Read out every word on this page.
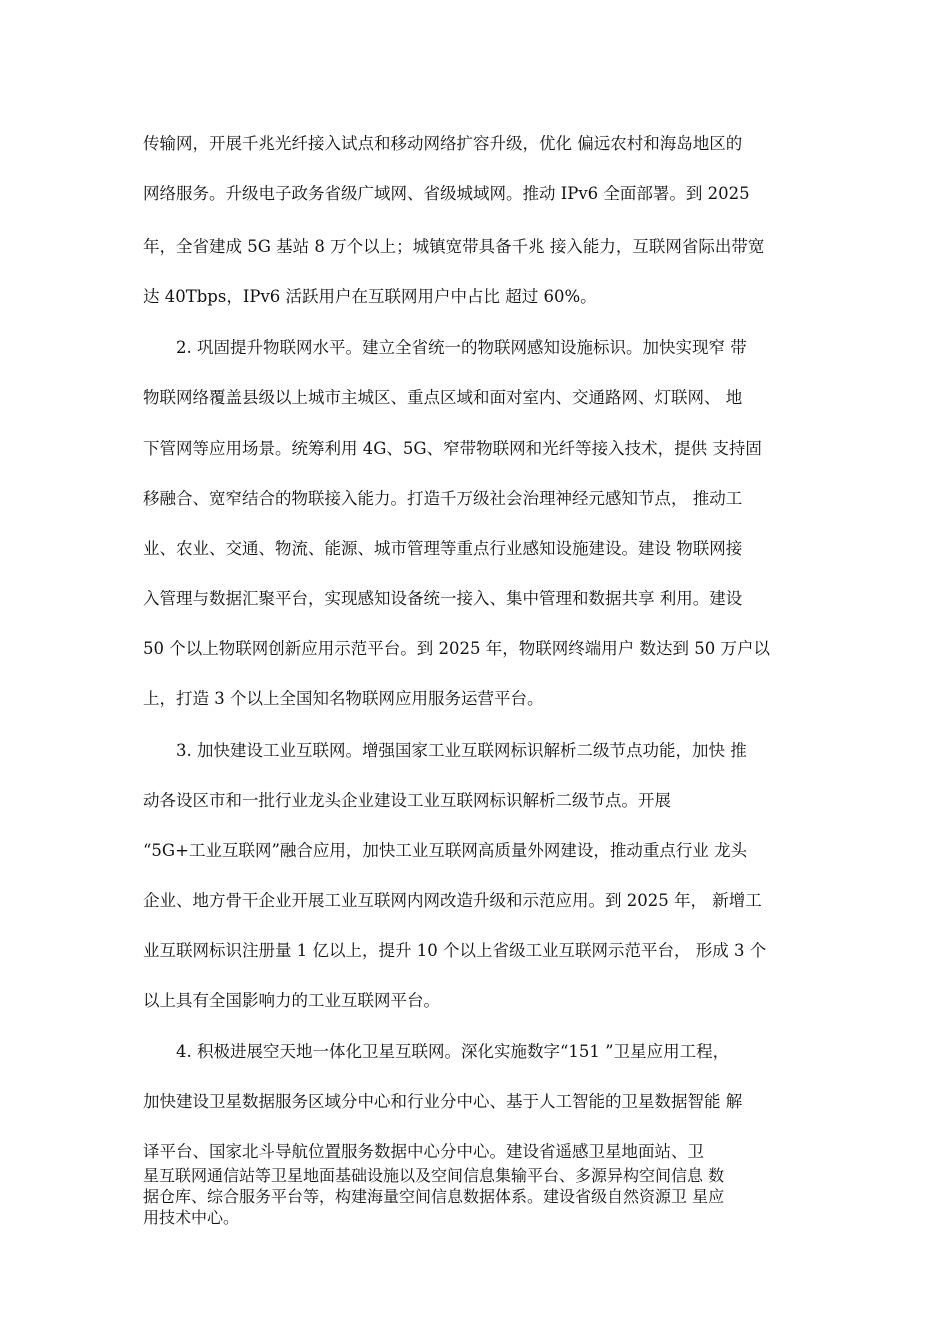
传输网，开展千兆光纤接入试点和移动网络扩容升级，优化 偏远农村和海岛地区的
网络服务。升级电子政务省级广域网、省级城域网。推动 IPv6 全面部署。到 2025
年，全省建成 5G 基站 8 万个以上；城镇宽带具备千兆 接入能力，互联网省际出带宽
达 40Tbps，IPv6 活跃用户在互联网用户中占比 超过 60%。
2. 巩固提升物联网水平。建立全省统一的物联网感知设施标识。加快实现窄 带
物联网络覆盖县级以上城市主城区、重点区域和面对室内、交通路网、灯联网、 地
下管网等应用场景。统筹利用 4G、5G、窄带物联网和光纤等接入技术，提供 支持固
移融合、宽窄结合的物联接入能力。打造千万级社会治理神经元感知节点， 推动工
业、农业、交通、物流、能源、城市管理等重点行业感知设施建设。建设 物联网接
入管理与数据汇聚平台，实现感知设备统一接入、集中管理和数据共享 利用。建设
50 个以上物联网创新应用示范平台。到 2025 年，物联网终端用户 数达到 50 万户以
上，打造 3 个以上全国知名物联网应用服务运营平台。
3. 加快建设工业互联网。增强国家工业互联网标识解析二级节点功能，加快 推
动各设区市和一批行业龙头企业建设工业互联网标识解析二级节点。开展
“5G+工业互联网”融合应用，加快工业互联网高质量外网建设，推动重点行业 龙头
企业、地方骨干企业开展工业互联网内网改造升级和示范应用。到 2025 年， 新增工
业互联网标识注册量 1 亿以上，提升 10 个以上省级工业互联网示范平台， 形成 3 个
以上具有全国影响力的工业互联网平台。
4. 积极进展空天地一体化卫星互联网。深化实施数字“151 ”卫星应用工程，
加快建设卫星数据服务区域分中心和行业分中心、基于人工智能的卫星数据智能 解
译平台、国家北斗导航位置服务数据中心分中心。建设省遥感卫星地面站、卫
星互联网通信站等卫星地面基础设施以及空间信息集输平台、多源异构空间信息 数
据仓库、综合服务平台等，构建海量空间信息数据体系。建设省级自然资源卫 星应
用技术中心。
